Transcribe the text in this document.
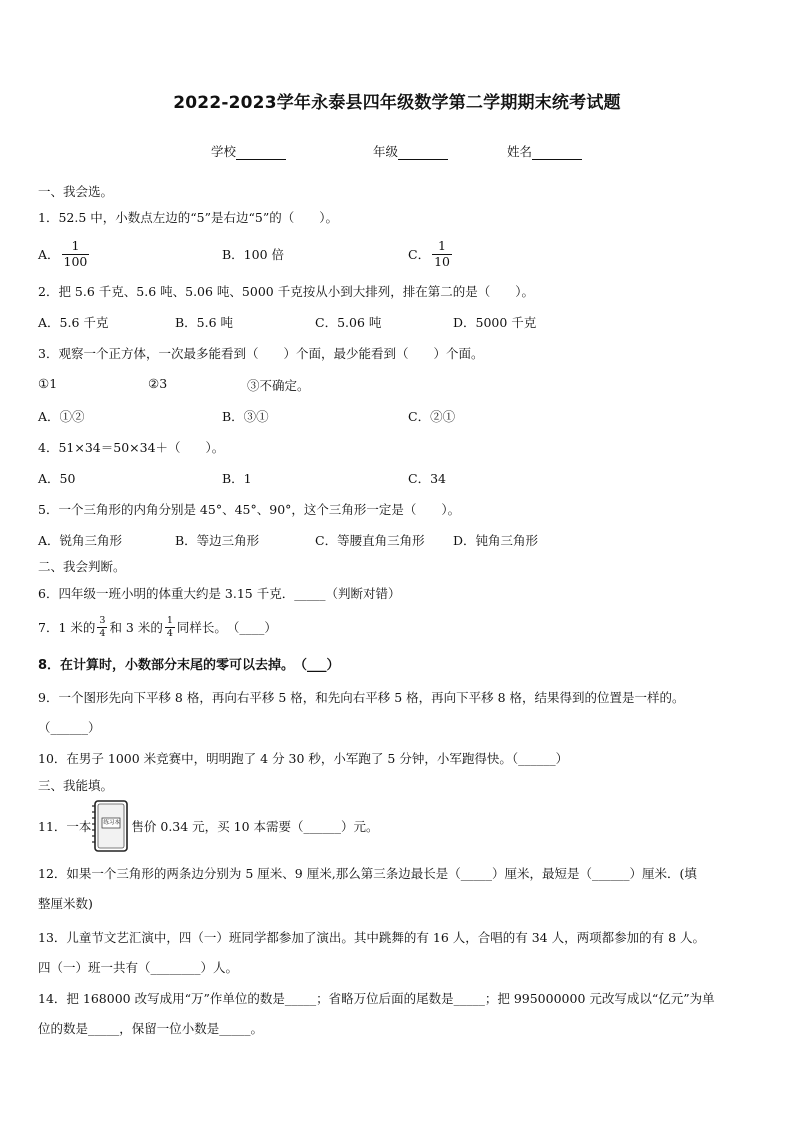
2022-2023学年永泰县四年级数学第二学期期末统考试题
学校	年级	姓名
一、我会选。
1．52.5 中，小数点左边的“5”是右边“5”的（　　）。
A． $\frac{1}{100}$	B．100 倍	C． $\frac{1}{10}$
2．把 5.6 千克、5.6 吨、5.06 吨、5000 千克按从小到大排列，排在第二的是（　　）。
A．5.6 千克	B．5.6 吨	C．5.06 吨	D．5000 千克
3．观察一个正方体，一次最多能看到（　　）个面，最少能看到（　　）个面。
①1	②3	③不确定。
A．①②	B．③①	C．②①
4．51×34＝50×34＋（　　）。
A．50	B．1	C．34
5．一个三角形的内角分别是 45°、45°、90°，这个三角形一定是（　　）。
A．锐角三角形	B．等边三角形	C．等腰直角三角形 D．钝角三角形
二、我会判断。
6．四年级一班小明的体重大约是 3.15 千克．_____（判断对错）
7．1 米的 $\frac{3}{4}$ 和 3 米的 $\frac{1}{4}$ 同样长。　（____）
8．在计算时，小数部分末尾的零可以去掉。　（___）
9．一个图形先向下平移 8 格，再向右平移 5 格，和先向右平移 5 格，再向下平移 8 格，结果得到的位置是一样的。
（______）
10．在男子 1000 米竞赛中，明明跑了 4 分 30 秒，小军跑了 5 分钟，小军跑得快。（______）
三、我能填。
11．一本 练习本 售价 0.34 元，买 10 本需要（______）元。
12．如果一个三角形的两条边分别为 5 厘米、9 厘米,那么第三条边最长是（_____）厘米，最短是（______）厘米．(填
整厘米数)
13．儿童节文艺汇演中，四（一）班同学都参加了演出。其中跳舞的有 16 人，合唱的有 34 人，两项都参加的有 8 人。
四（一）班一共有（________）人。
14．把 168000 改写成用“万”作单位的数是_____；省略万位后面的尾数是_____；把 995000000 元改写成以“亿元”为单
位的数是_____，保留一位小数是_____。
